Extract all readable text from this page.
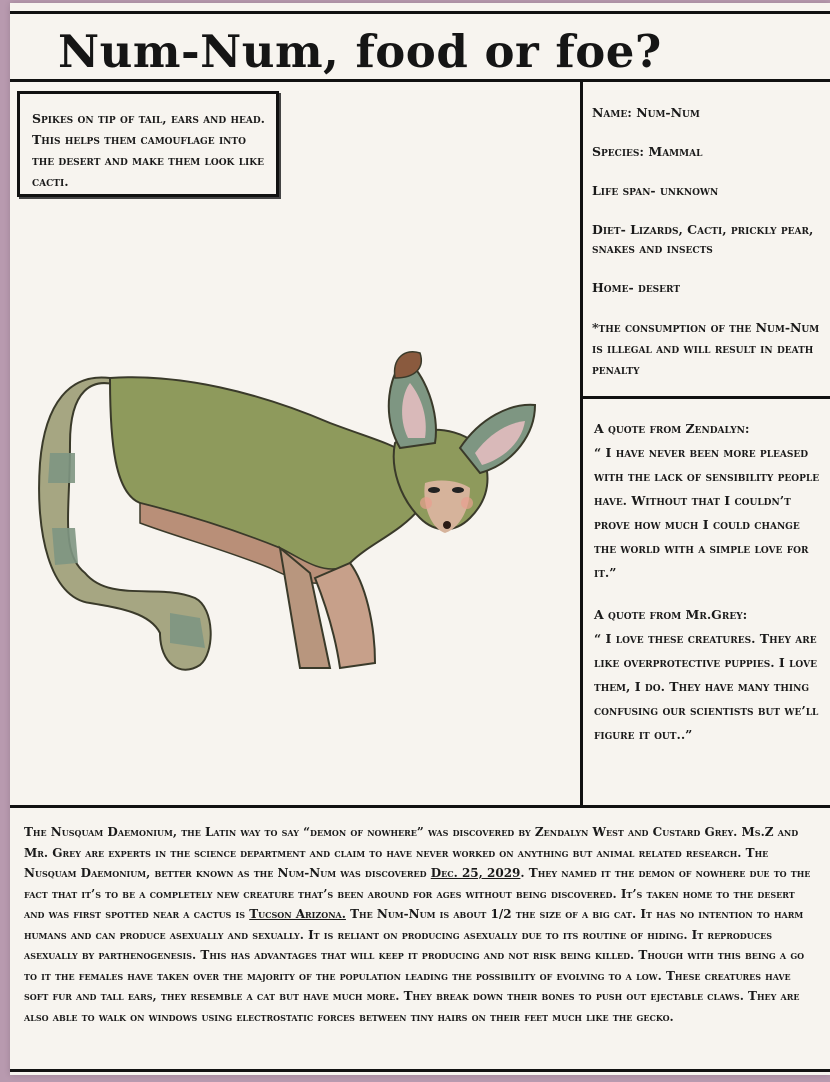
Num-Num, food or foe?
Spikes on tip of tail, ears and head. This helps them camouflage into the desert and make them look like cacti.

Name: Num-Num

Species: Mammal

Life span- unknown

Diet- Lizards, Cacti, prickly pear, snakes and insects

Home- desert

*the consumption of the Num-Num is illegal and will result in death penalty

A quote from Zendalyn:

“ I have never been more pleased with the lack of sensibility people have. Without that I couldn’t prove how much I could change the world with a simple love for it.”

A quote from Mr.Grey:

“ I love these creatures. They are like overprotective puppies. I love them, I do. They have many thing confusing our scientists but we’ll figure it out..”

The Nusquam Daemonium, the Latin way to say “demon of nowhere” was discovered by Zendalyn West and Custard Grey. Ms.Z and Mr. Grey are experts in the science department and claim to have never worked on anything but animal related research. The Nusquam Daemonium, better known as the Num-Num was discovered Dec. 25, 2029. They named it the demon of nowhere due to the fact that it’s to be a completely new creature that’s been around for ages without being discovered. It’s taken home to the desert and was first spotted near a cactus is Tucson Arizona. The Num-Num is about 1/2 the size of a big cat. It has no intention to harm humans and can produce asexually and sexually. It is reliant on producing asexually due to its routine of hiding. It reproduces asexually by parthenogenesis. This has advantages that will keep it producing and not risk being killed. Though with this being a go to it the females have taken over the majority of the population leading the possibility of evolving to a low. These creatures have soft fur and tall ears, they resemble a cat but have much more. They break down their bones to push out ejectable claws. They are also able to walk on windows using electrostatic forces between tiny hairs on their feet much like the gecko.
